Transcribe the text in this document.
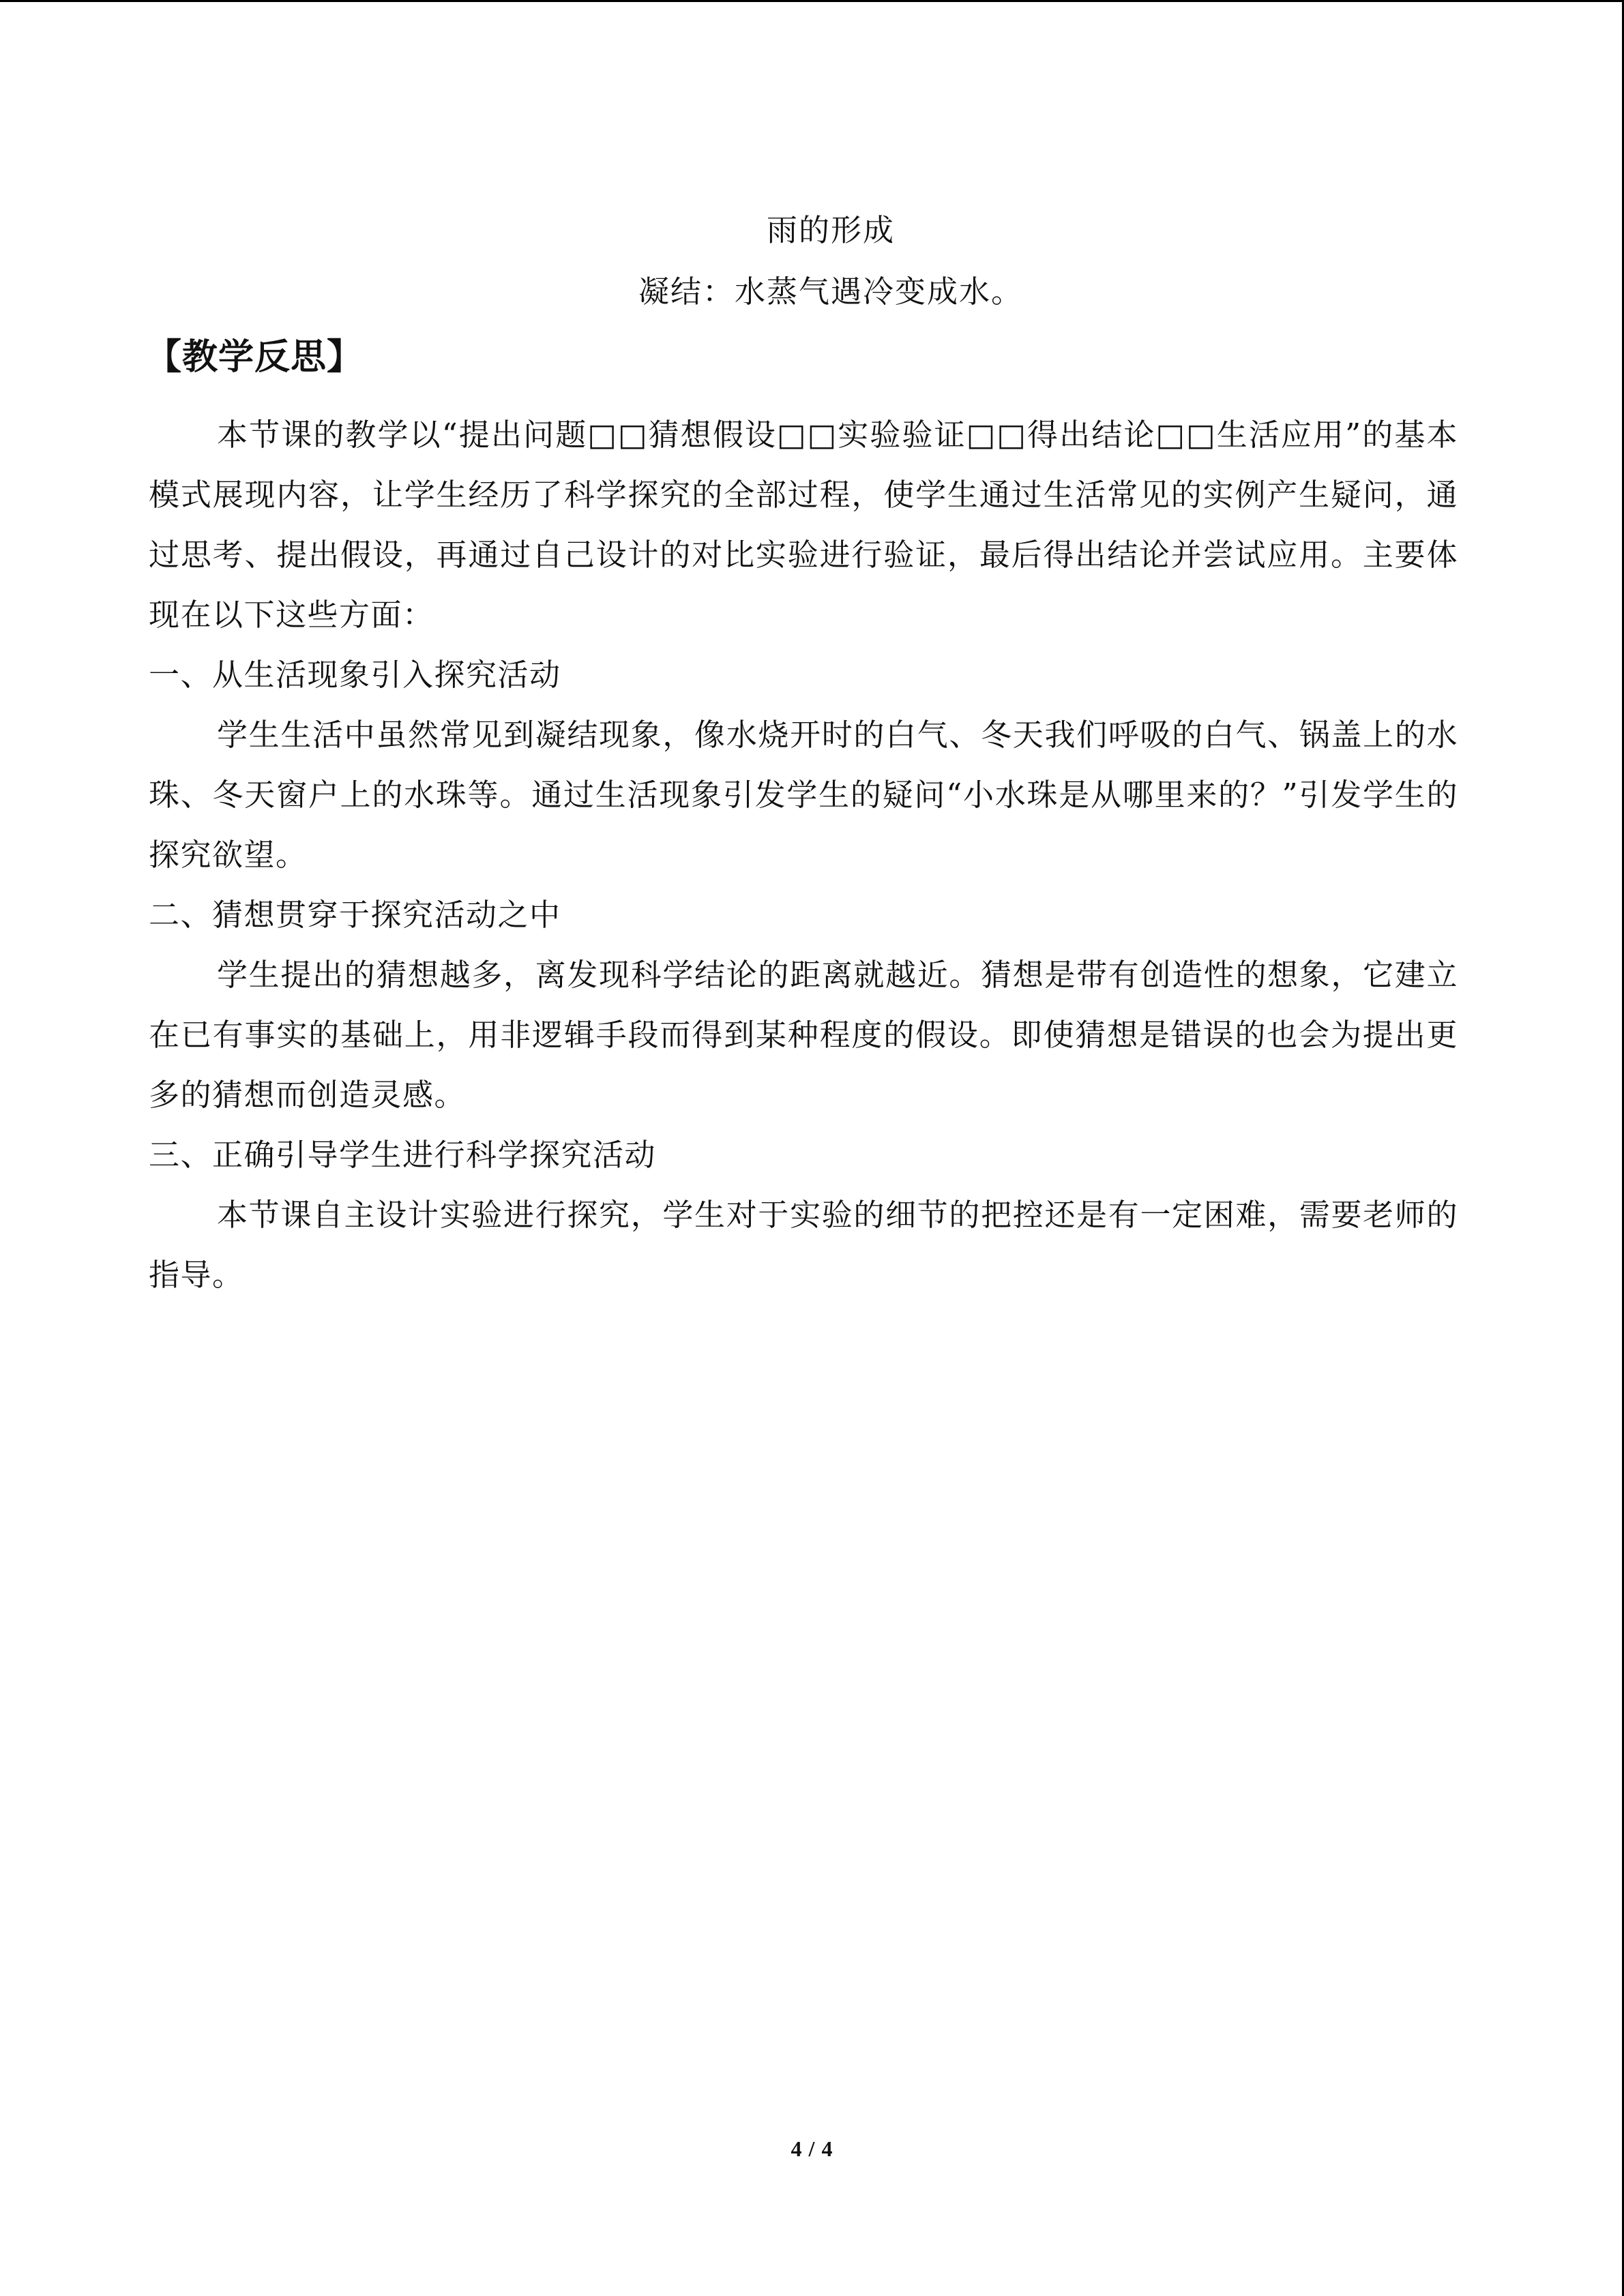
雨的形成
凝结：水蒸气遇冷变成水。
【教学反思】

本节课的教学以“提出问题□□猜想假设□□实验验证□□得出结论□□生活应用”的基本模式展现内容，让学生经历了科学探究的全部过程，使学生通过生活常见的实例产生疑问，通过思考、提出假设，再通过自己设计的对比实验进行验证，最后得出结论并尝试应用。主要体现在以下这些方面：

一、从生活现象引入探究活动

学生生活中虽然常见到凝结现象，像水烧开时的白气、冬天我们呼吸的白气、锅盖上的水珠、冬天窗户上的水珠等。通过生活现象引发学生的疑问“小水珠是从哪里来的？”引发学生的探究欲望。

二、猜想贯穿于探究活动之中

学生提出的猜想越多，离发现科学结论的距离就越近。猜想是带有创造性的想象，它建立在已有事实的基础上，用非逻辑手段而得到某种程度的假设。即使猜想是错误的也会为提出更多的猜想而创造灵感。

三、正确引导学生进行科学探究活动

本节课自主设计实验进行探究，学生对于实验的细节的把控还是有一定困难，需要老师的指导。

4 / 4
